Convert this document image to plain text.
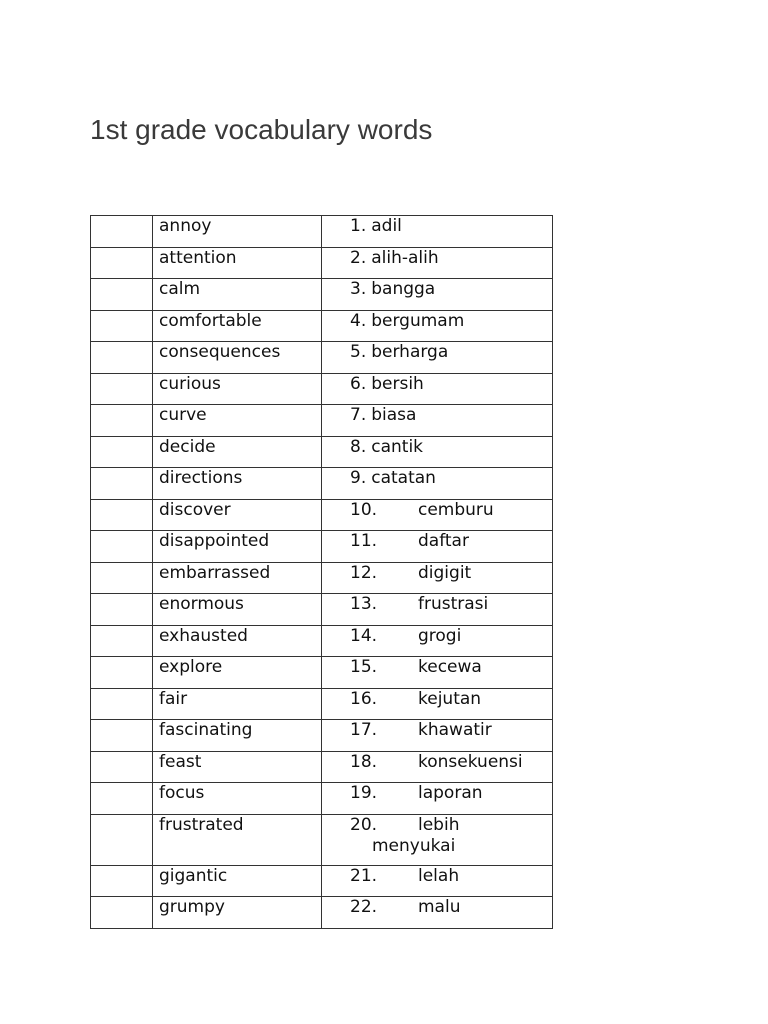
1st grade vocabulary words
	annoy	1. adil
	attention	2. alih-alih
	calm	3. bangga
	comfortable	4. bergumam
	consequences	5. berharga
	curious	6. bersih
	curve	7. biasa
	decide	8. cantik
	directions	9. catatan
	discover	10. cemburu
	disappointed	11. daftar
	embarrassed	12. digigit
	enormous	13. frustrasi
	exhausted	14. grogi
	explore	15. kecewa
	fair	16. kejutan
	fascinating	17. khawatir
	feast	18. konsekuensi
	focus	19. laporan
	frustrated	20. lebih
menyukai

	gigantic	21. lelah
	grumpy	22. malu
